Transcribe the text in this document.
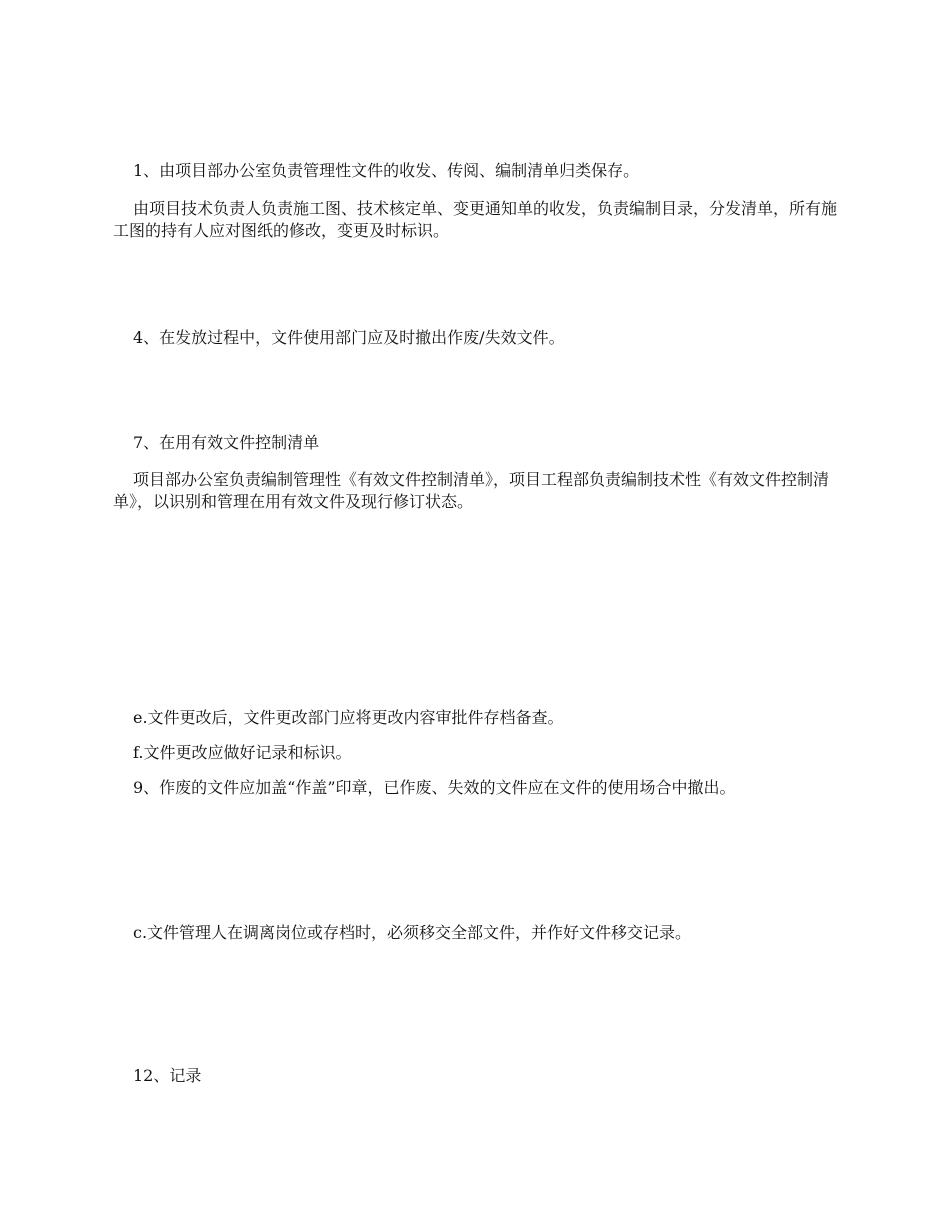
1、由项目部办公室负责管理性文件的收发、传阅、编制清单归类保存。

由项目技术负责人负责施工图、技术核定单、变更通知单的收发，负责编制目录，分发清单，所有施工图的持有人应对图纸的修改，变更及时标识。

4、在发放过程中，文件使用部门应及时撤出作废/失效文件。

7、在用有效文件控制清单

项目部办公室负责编制管理性《有效文件控制清单》，项目工程部负责编制技术性《有效文件控制清单》，以识别和管理在用有效文件及现行修订状态。

e.文件更改后，文件更改部门应将更改内容审批件存档备查。

f.文件更改应做好记录和标识。

9、作废的文件应加盖“作盖”印章，已作废、失效的文件应在文件的使用场合中撤出。

c.文件管理人在调离岗位或存档时，必须移交全部文件，并作好文件移交记录。

12、记录
